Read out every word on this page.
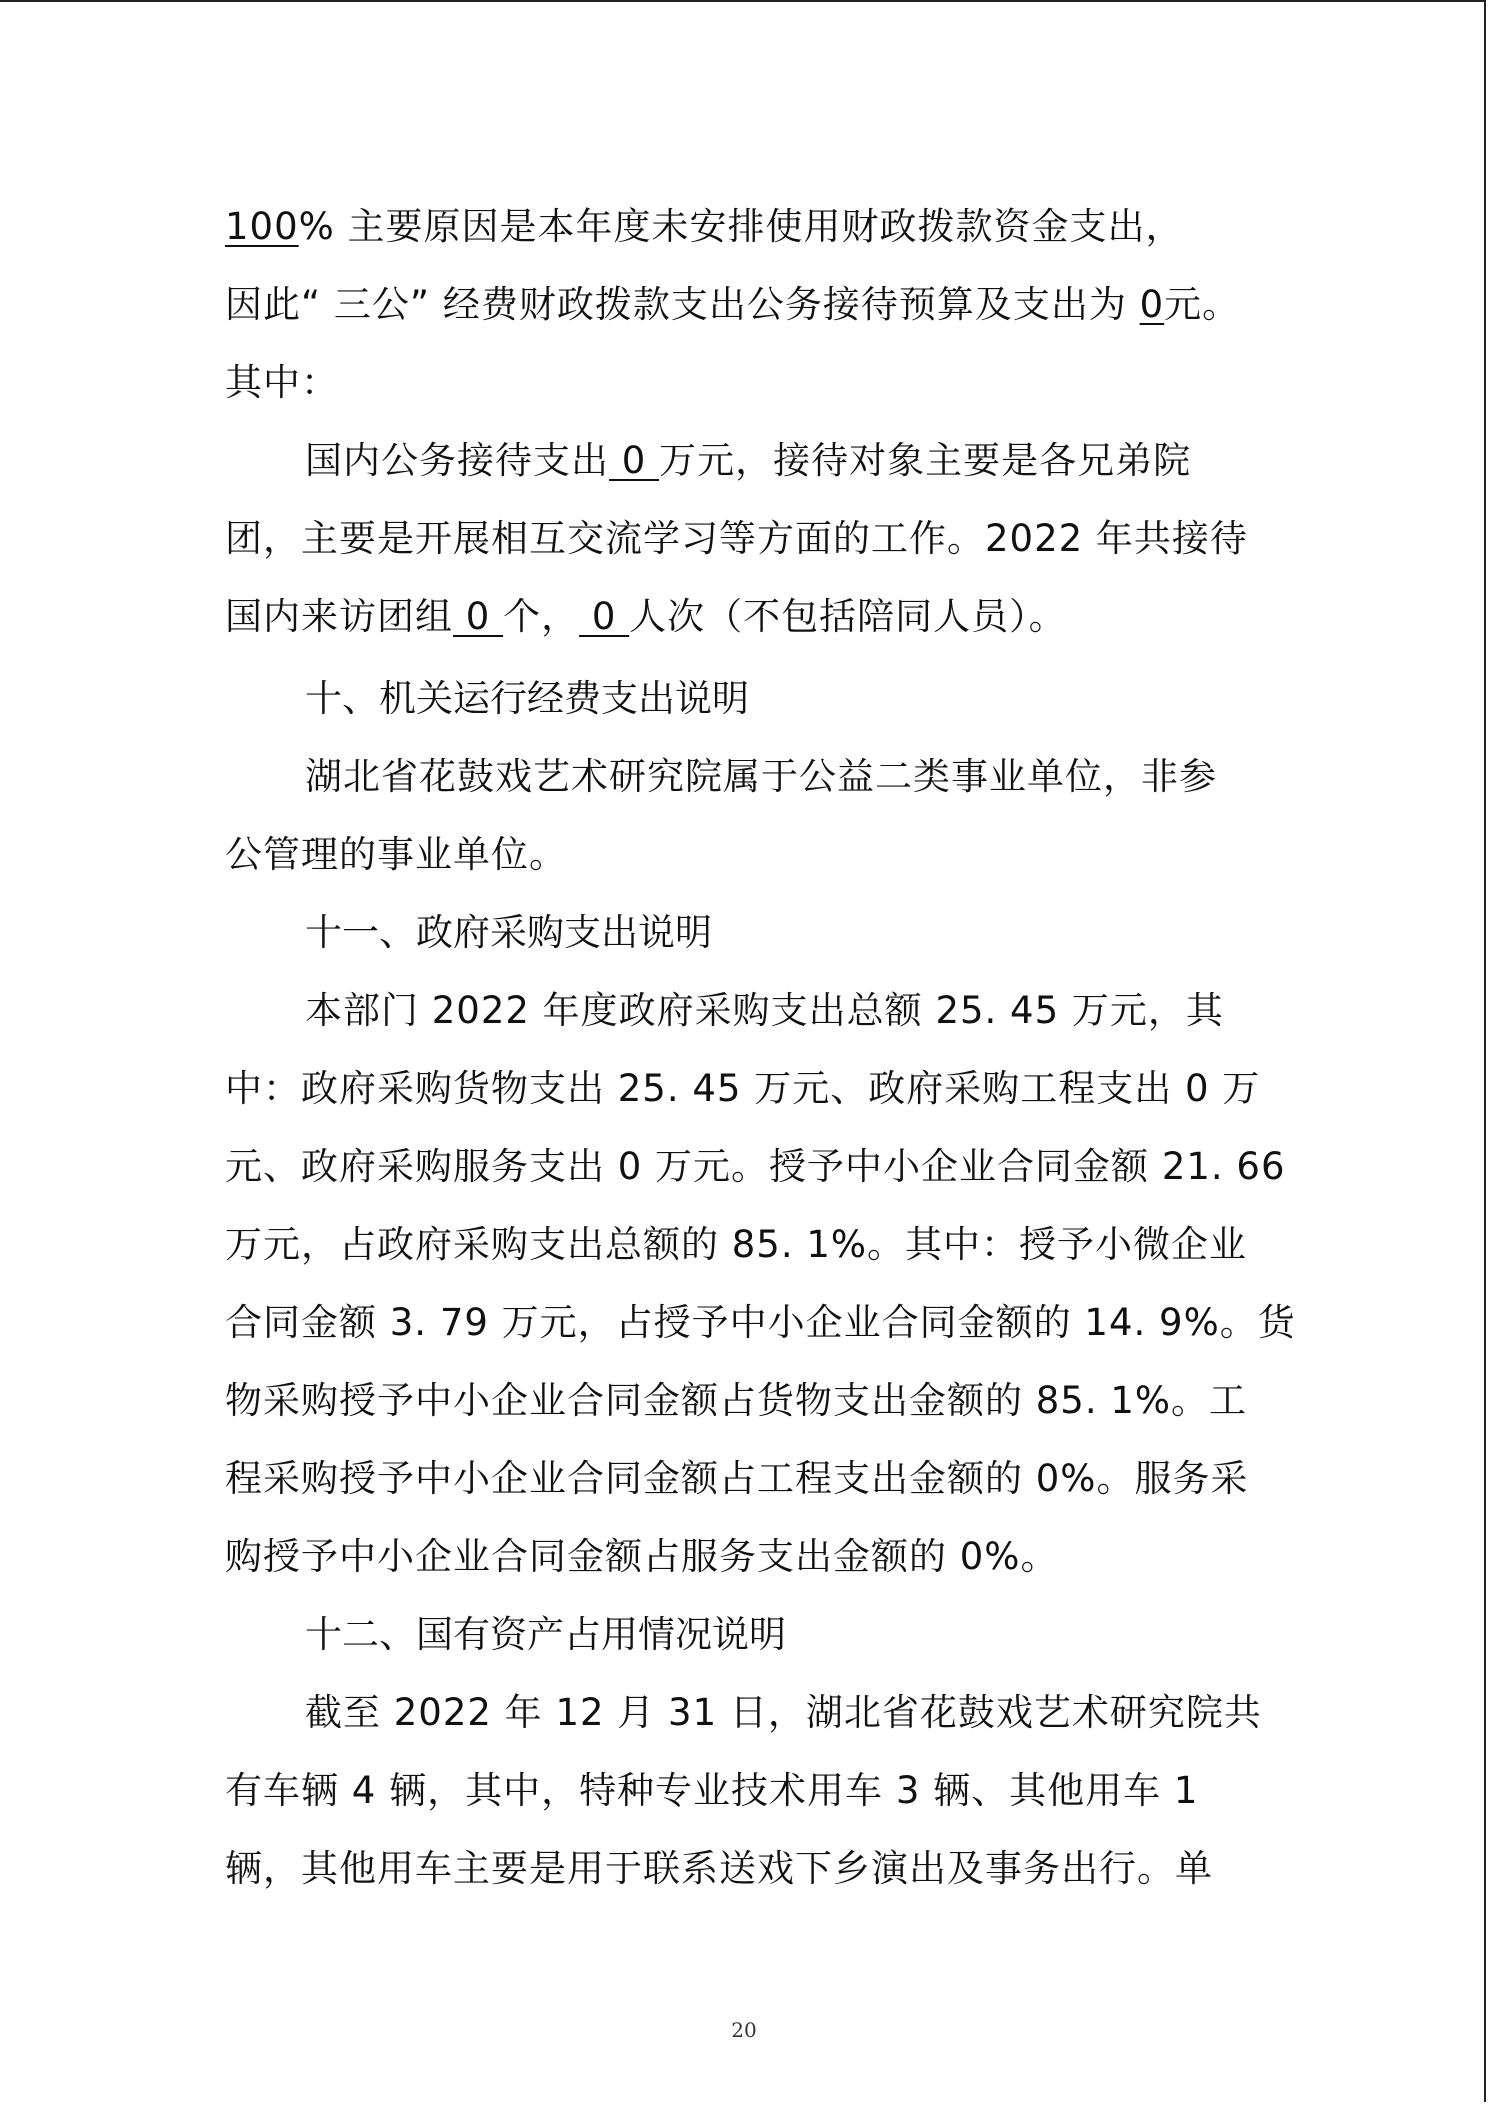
100% 主要原因是本年度未安排使用财政拨款资金支出，
因此“ 三公” 经费财政拨款支出公务接待预算及支出为 0元。
其中：
国内公务接待支出 0 万元，接待对象主要是各兄弟院
团，主要是开展相互交流学习等方面的工作。2022 年共接待
国内来访团组 0 个， 0 人次（不包括陪同人员）。
十、机关运行经费支出说明
湖北省花鼓戏艺术研究院属于公益二类事业单位，非参
公管理的事业单位。
十一、政府采购支出说明
本部门 2022 年度政府采购支出总额 25. 45 万元，其
中：政府采购货物支出 25. 45 万元、政府采购工程支出 0 万
元、政府采购服务支出 0 万元。授予中小企业合同金额 21. 66
万元，占政府采购支出总额的 85. 1%。其中：授予小微企业
合同金额 3. 79 万元，占授予中小企业合同金额的 14. 9%。货
物采购授予中小企业合同金额占货物支出金额的 85. 1%。工
程采购授予中小企业合同金额占工程支出金额的 0%。服务采
购授予中小企业合同金额占服务支出金额的 0%。
十二、国有资产占用情况说明
截至 2022 年 12 月 31 日，湖北省花鼓戏艺术研究院共
有车辆 4 辆，其中，特种专业技术用车 3 辆、其他用车 1
辆，其他用车主要是用于联系送戏下乡演出及事务出行。单
20
